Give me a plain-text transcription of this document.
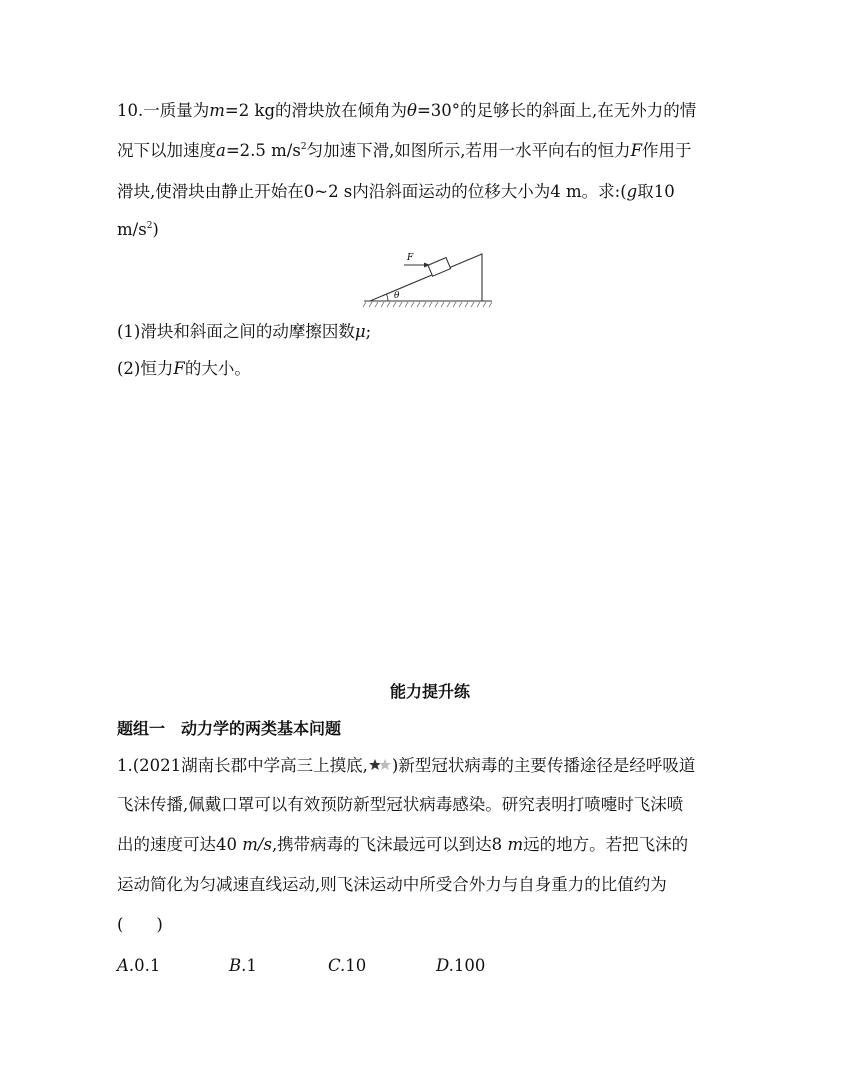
10.一质量为m=2 kg的滑块放在倾角为θ=30°的足够长的斜面上,在无外力的情
况下以加速度a=2.5 $m/s^2$匀加速下滑,如图所示,若用一水平向右的恒力F作用于
滑块,使滑块由静止开始在0~2 s内沿斜面运动的位移大小为4 m。求:(g取10
$m/s^2$)
θ
F
(1)滑块和斜面之间的动摩擦因数μ;
(2)恒力F的大小。
能力提升练
题组一　动力学的两类基本问题
1.(2021湖南长郡中学高三上摸底, )新型冠状病毒的主要传播途径是经呼吸道
飞沫传播,佩戴口罩可以有效预防新型冠状病毒感染。研究表明打喷嚏时飞沫喷
出的速度可达40 m/s,携带病毒的飞沫最远可以到达8 m远的地方。若把飞沫的
运动简化为匀减速直线运动,则飞沫运动中所受合外力与自身重力的比值约为
(　　)
A.0.1	B.1	C.10	D.100
